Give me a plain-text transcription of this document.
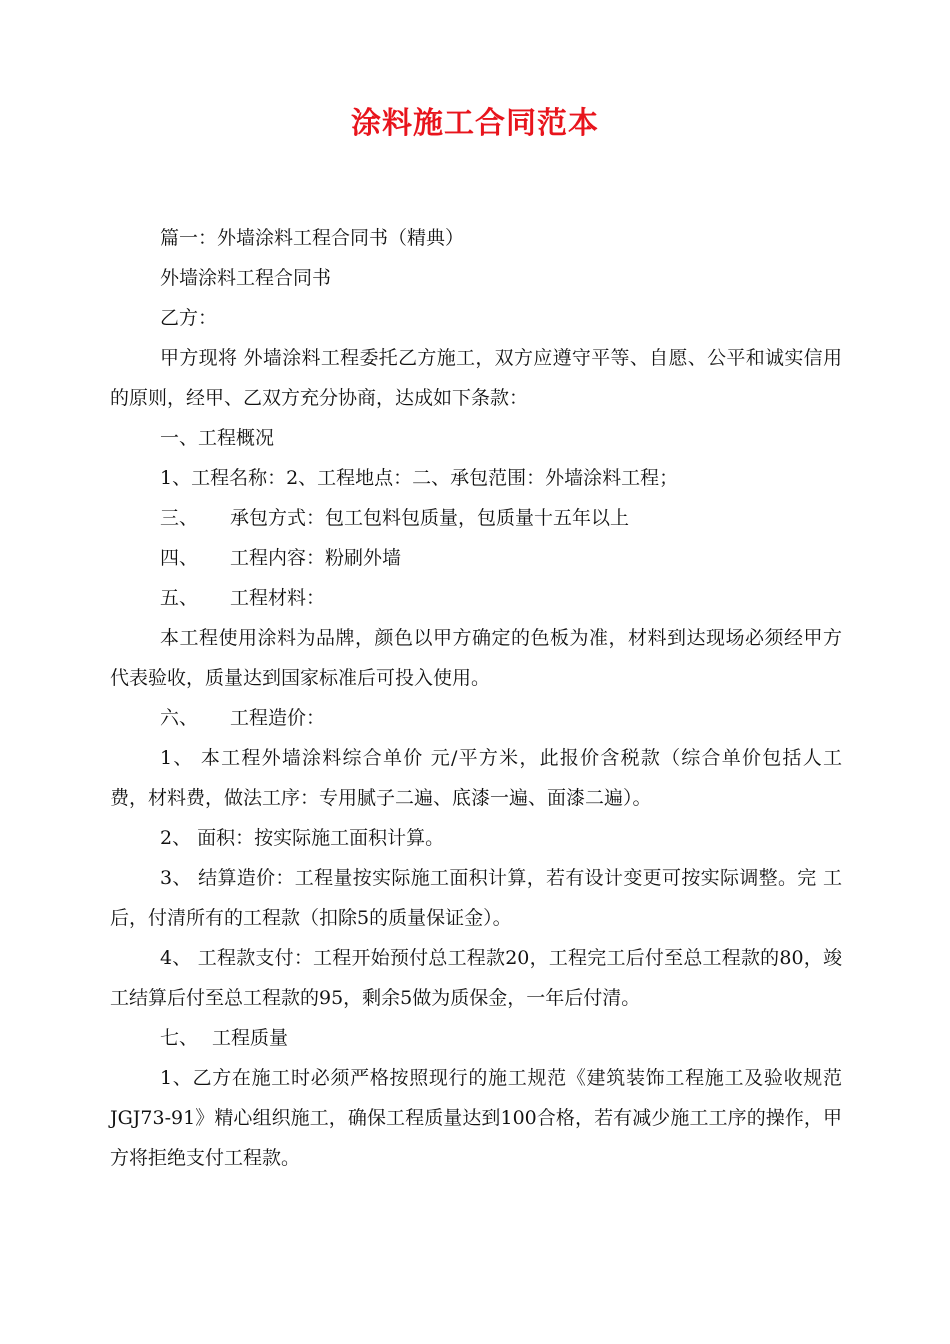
涂料施工合同范本

篇一：外墙涂料工程合同书（精典）

外墙涂料工程合同书

乙方：

甲方现将 外墙涂料工程委托乙方施工，双方应遵守平等、自愿、公平和诚实信用的原则，经甲、乙双方充分协商，达成如下条款：

一、工程概况

1、工程名称：2、工程地点：二、承包范围：外墙涂料工程；

三、 承包方式：包工包料包质量，包质量十五年以上

四、 工程内容：粉刷外墙

五、 工程材料：

本工程使用涂料为品牌，颜色以甲方确定的色板为准，材料到达现场必须经甲方代表验收，质量达到国家标准后可投入使用。

六、 工程造价：

1、 本工程外墙涂料综合单价 元/平方米，此报价含税款（综合单价包括人工 费，材料费，做法工序：专用腻子二遍、底漆一遍、面漆二遍）。

2、 面积：按实际施工面积计算。

3、 结算造价：工程量按实际施工面积计算，若有设计变更可按实际调整。完 工后，付清所有的工程款（扣除5的质量保证金）。

4、 工程款支付：工程开始预付总工程款20，工程完工后付至总工程款的80，竣工结算后付至总工程款的95，剩余5做为质保金，一年后付清。

七、 工程质量

1、乙方在施工时必须严格按照现行的施工规范《建筑装饰工程施工及验收规范JGJ73-91》精心组织施工，确保工程质量达到100合格，若有减少施工工序的操作，甲方将拒绝支付工程款。
